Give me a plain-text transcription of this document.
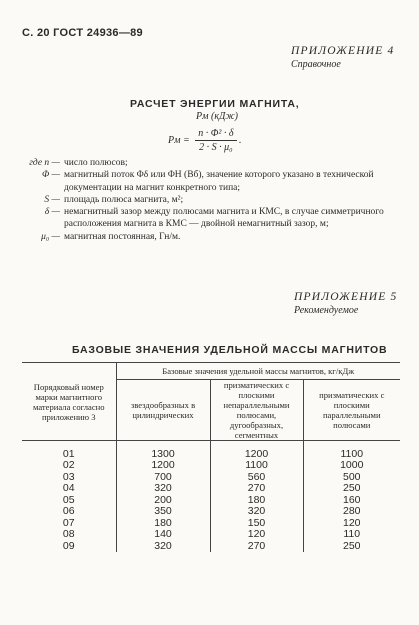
С. 20 ГОСТ 24936—89
ПРИЛОЖЕНИЕ 4
Справочное
РАСЧЕТ ЭНЕРГИИ МАГНИТА,
Pм (кДж)
Pм = $\frac{\text{n · Φ² · δ}}{\text{2 · S · μ₀}}$ .
где n — число полюсов;
Φ — магнитный поток Φδ или ΦН (Вб), значение которого указано в технической документации на магнит конкретного типа;
S — площадь полюса магнита, м²;
δ — немагнитный зазор между полюсами магнита и КМС, в случае симметричного расположения магнита в КМС — двойной немагнитный зазор, м;
μ₀ — магнитная постоянная, Гн/м.
ПРИЛОЖЕНИЕ 5
Рекомендуемое
БАЗОВЫЕ ЗНАЧЕНИЯ УДЕЛЬНОЙ МАССЫ МАГНИТОВ
Порядковый номер марки магнитного материала согласно приложению 3	Базовые значения удельной массы магнитов, кг/кДж		
	звездообразных в цилиндрических	призматических с плоскими непараллельными полюсами, дугообразных, сегментных	призматических с плоскими параллельными полюсами

01	1300	1200	1100
02	1200	1100	1000
03	700	560	500
04	320	270	250
05	200	180	160
06	350	320	280
07	180	150	120
08	140	120	110
09	320	270	250
